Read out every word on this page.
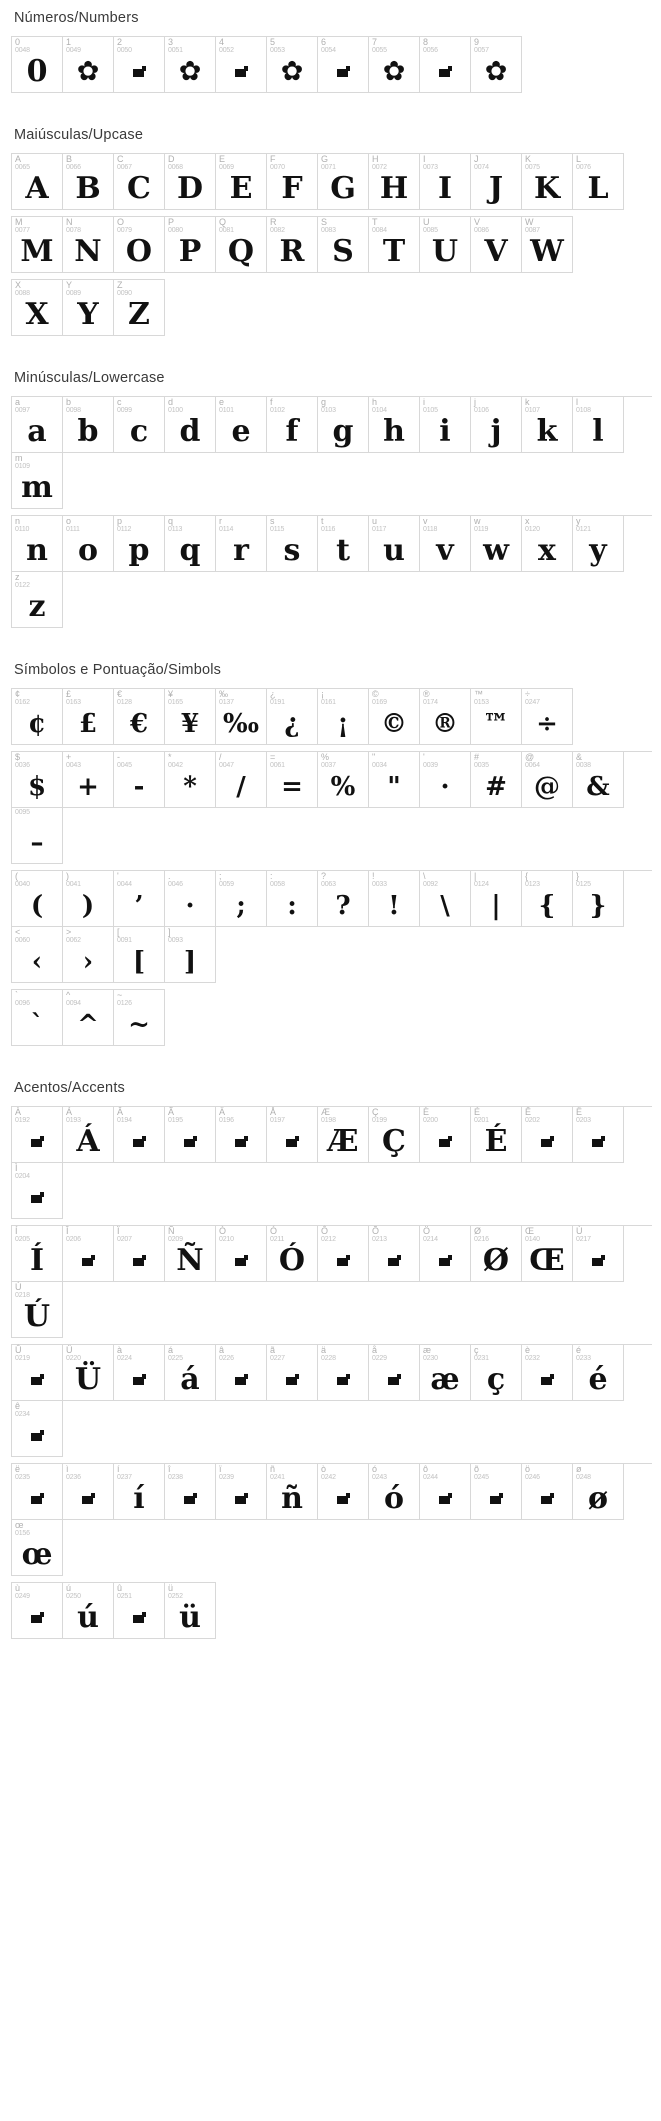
Números/Numbers
0
0048
0
1
0049
✿
2
0050
3
0051
✿
4
0052
5
0053
✿
6
0054
7
0055
✿
8
0056
9
0057
✿
Maiúsculas/Upcase
A
0065
A
B
0066
B
C
0067
C
D
0068
D
E
0069
E
F
0070
F
G
0071
G
H
0072
H
I
0073
I
J
0074
J
K
0075
K
L
0076
L
M
0077
M
N
0078
N
O
0079
O
P
0080
P
Q
0081
Q
R
0082
R
S
0083
S
T
0084
T
U
0085
U
V
0086
V
W
0087
W
X
0088
X
Y
0089
Y
Z
0090
Z
Minúsculas/Lowercase
a
0097
a
b
0098
b
c
0099
c
d
0100
d
e
0101
e
f
0102
f
g
0103
g
h
0104
h
i
0105
i
j
0106
j
k
0107
k
l
0108
l
m
0109
m
n
0110
n
o
0111
o
p
0112
p
q
0113
q
r
0114
r
s
0115
s
t
0116
t
u
0117
u
v
0118
v
w
0119
w
x
0120
x
y
0121
y
z
0122
z
Símbolos e Pontuação/Simbols
¢
0162
¢
£
0163
£
€
0128
€
¥
0165
¥
‰
0137
‰
¿
0191
¿
¡
0161
¡
©
0169
©
®
0174
®
™
0153
™
÷
0247
÷
$
0036
$
+
0043
+
-
0045
-
*
0042
*
/
0047
/
=
0061
=
%
0037
%
"
0034
"
'
0039
·
#
0035
#
@
0064
@
&
0038
&
0095
–
(
0040
(
)
0041
)
'
0044
’
.
0046
·
;
0059
;
:
0058
:
?
0063
?
!
0033
!
\
0092
\
|
0124
|
{
0123
{
}
0125
}
<
0060
‹
>
0062
›
[
0091
[
]
0093
]
`
0096
`
^
0094
^
~
0126
~
Acentos/Accents
À
0192
Á
0193
Á
Â
0194
Ã
0195
Ä
0196
Å
0197
Æ
0198
Æ
Ç
0199
Ç
È
0200
É
0201
É
Ê
0202
Ë
0203
Ì
0204
Í
0205
Í
Î
0206
Ï
0207
Ñ
0209
Ñ
Ò
0210
Ó
0211
Ó
Ô
0212
Õ
0213
Ö
0214
Ø
0216
Ø
Œ
0140
Œ
Ù
0217
Ú
0218
Ú
Û
0219
Ü
0220
Ü
à
0224
á
0225
á
â
0226
ã
0227
ä
0228
å
0229
æ
0230
æ
ç
0231
ç
è
0232
é
0233
é
ê
0234
ë
0235
ì
0236
í
0237
í
î
0238
ï
0239
ñ
0241
ñ
ò
0242
ó
0243
ó
ô
0244
õ
0245
ö
0246
ø
0248
ø
œ
0156
œ
ù
0249
ú
0250
ú
û
0251
ü
0252
ü
